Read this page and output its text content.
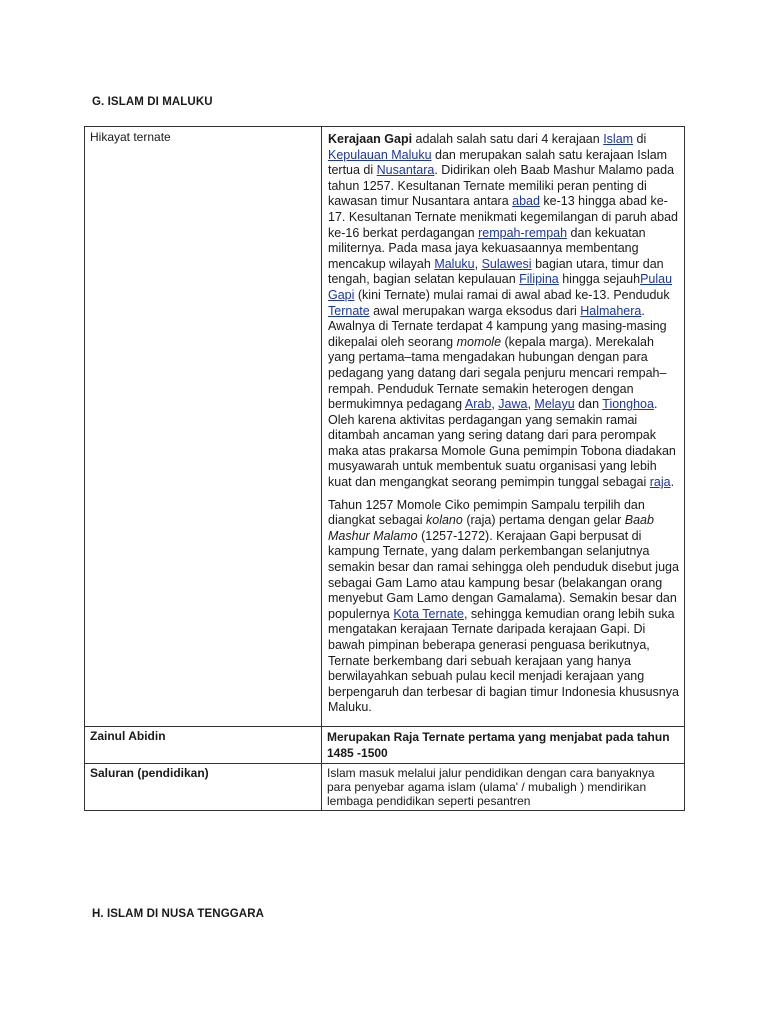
G. ISLAM DI MALUKU
Hikayat ternate	Kerajaan Gapi adalah salah satu dari 4 kerajaan Islam di Kepulauan Maluku dan merupakan salah satu kerajaan Islam tertua di Nusantara. Didirikan oleh Baab Mashur Malamo pada tahun 1257. Kesultanan Ternate memiliki peran penting di kawasan timur Nusantara antara abad ke-13 hingga abad ke-17. Kesultanan Ternate menikmati kegemilangan di paruh abad ke-16 berkat perdagangan rempah-rempah dan kekuatan militernya. Pada masa jaya kekuasaannya membentang mencakup wilayah Maluku, Sulawesi bagian utara, timur dan tengah, bagian selatan kepulauan Filipina hingga sejauhPulau Gapi (kini Ternate) mulai ramai di awal abad ke-13. Penduduk Ternate awal merupakan warga eksodus dari Halmahera. Awalnya di Ternate terdapat 4 kampung yang masing-masing dikepalai oleh seorang momole (kepala marga). Merekalah yang pertama–tama mengadakan hubungan dengan para pedagang yang datang dari segala penjuru mencari rempah–rempah. Penduduk Ternate semakin heterogen dengan bermukimnya pedagang Arab, Jawa, Melayu dan Tionghoa. Oleh karena aktivitas perdagangan yang semakin ramai ditambah ancaman yang sering datang dari para perompak maka atas prakarsa Momole Guna pemimpin Tobona diadakan musyawarah untuk membentuk suatu organisasi yang lebih kuat dan mengangkat seorang pemimpin tunggal sebagai raja.

Tahun 1257 Momole Ciko pemimpin Sampalu terpilih dan diangkat sebagai kolano (raja) pertama dengan gelar Baab Mashur Malamo (1257-1272). Kerajaan Gapi berpusat di kampung Ternate, yang dalam perkembangan selanjutnya semakin besar dan ramai sehingga oleh penduduk disebut juga sebagai Gam Lamo atau kampung besar (belakangan orang menyebut Gam Lamo dengan Gamalama). Semakin besar dan populernya Kota Ternate, sehingga kemudian orang lebih suka mengatakan kerajaan Ternate daripada kerajaan Gapi. Di bawah pimpinan beberapa generasi penguasa berikutnya, Ternate berkembang dari sebuah kerajaan yang hanya berwilayahkan sebuah pulau kecil menjadi kerajaan yang berpengaruh dan terbesar di bagian timur Indonesia khususnya Maluku.

Zainul Abidin	Merupakan Raja Ternate pertama yang menjabat pada tahun 1485 -1500
Saluran (pendidikan)	Islam masuk melalui jalur pendidikan dengan cara banyaknya para penyebar agama islam (ulama' / mubaligh ) mendirikan lembaga pendidikan seperti pesantren
H. ISLAM DI NUSA TENGGARA
